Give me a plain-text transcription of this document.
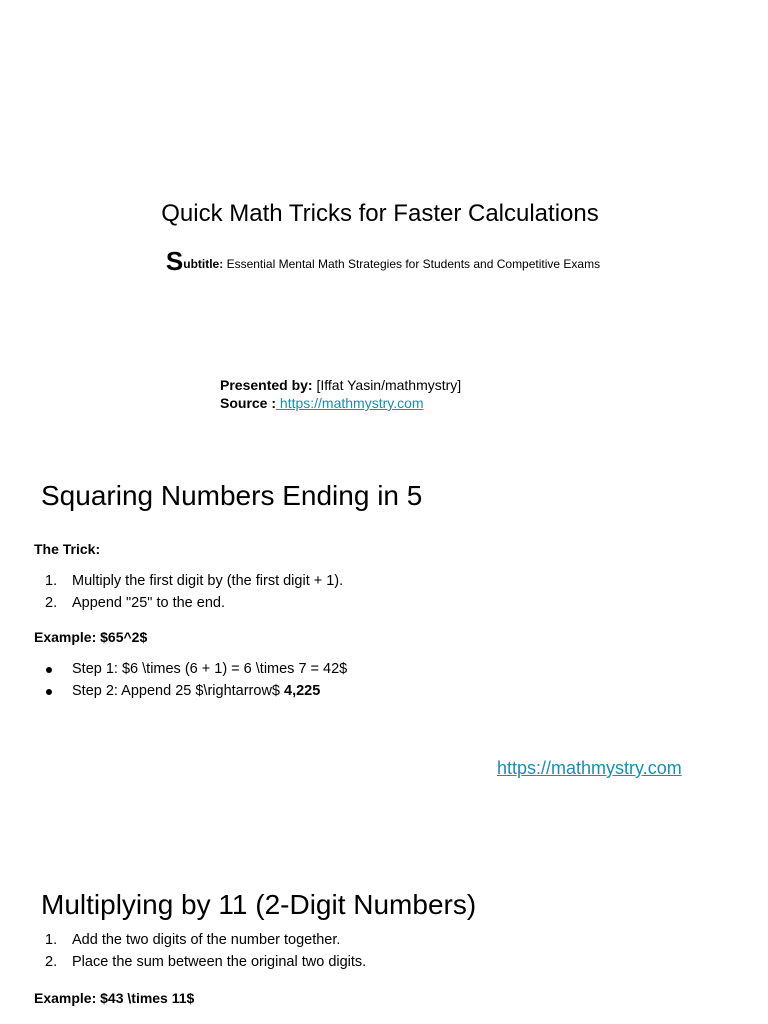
Quick Math Tricks for Faster Calculations
Subtitle: Essential Mental Math Strategies for Students and Competitive Exams
Presented by: [Iffat Yasin/mathmystry]
Source : https://mathmystry.com
Squaring Numbers Ending in 5
The Trick:
1. Multiply the first digit by (the first digit + 1).
2. Append "25" to the end.
Example: $65^2$
Step 1: $6 \times (6 + 1) = 6 \times 7 = 42$
Step 2: Append 25 $\rightarrow$ 4,225
https://mathmystry.com
Multiplying by 11 (2-Digit Numbers)
1. Add the two digits of the number together.
2. Place the sum between the original two digits.
Example: $43 \times 11$
